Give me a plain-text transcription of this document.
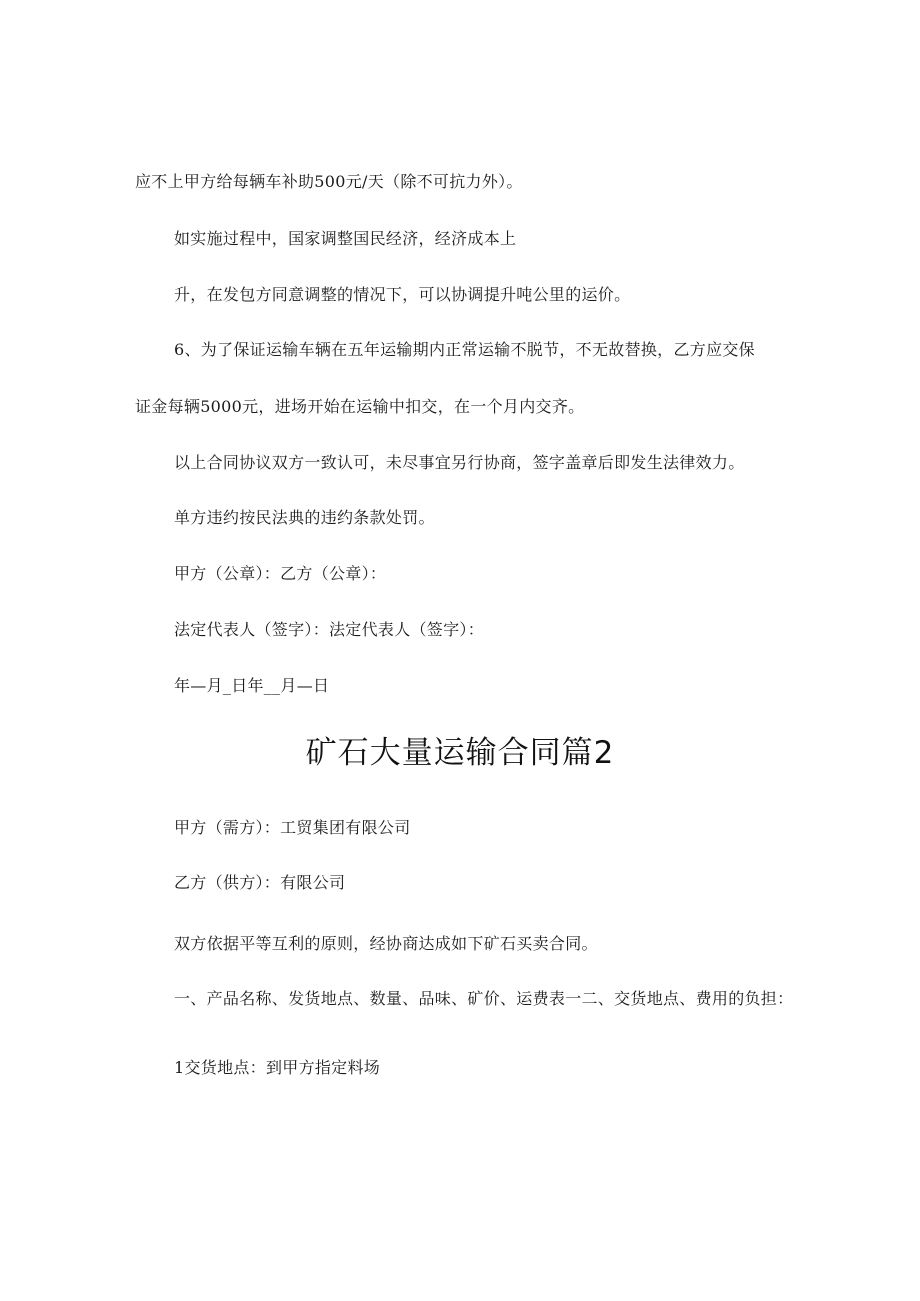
应不上甲方给每辆车补助500元/天（除不可抗力外）。

如实施过程中，国家调整国民经济，经济成本上

升，在发包方同意调整的情况下，可以协调提升吨公里的运价。

6、为了保证运输车辆在五年运输期内正常运输不脱节，不无故替换，乙方应交保

证金每辆5000元，进场开始在运输中扣交，在一个月内交齐。

以上合同协议双方一致认可，未尽事宜另行协商，签字盖章后即发生法律效力。

单方违约按民法典的违约条款处罚。

甲方（公章）：乙方（公章）：

法定代表人（签字）：法定代表人（签字）：

年—月_日年__月—日

矿石大量运输合同篇2

甲方（需方）：工贸集团有限公司

乙方（供方）：有限公司

双方依据平等互利的原则，经协商达成如下矿石买卖合同。

一、产品名称、发货地点、数量、品味、矿价、运费表一二、交货地点、费用的负担：

1交货地点：到甲方指定料场
